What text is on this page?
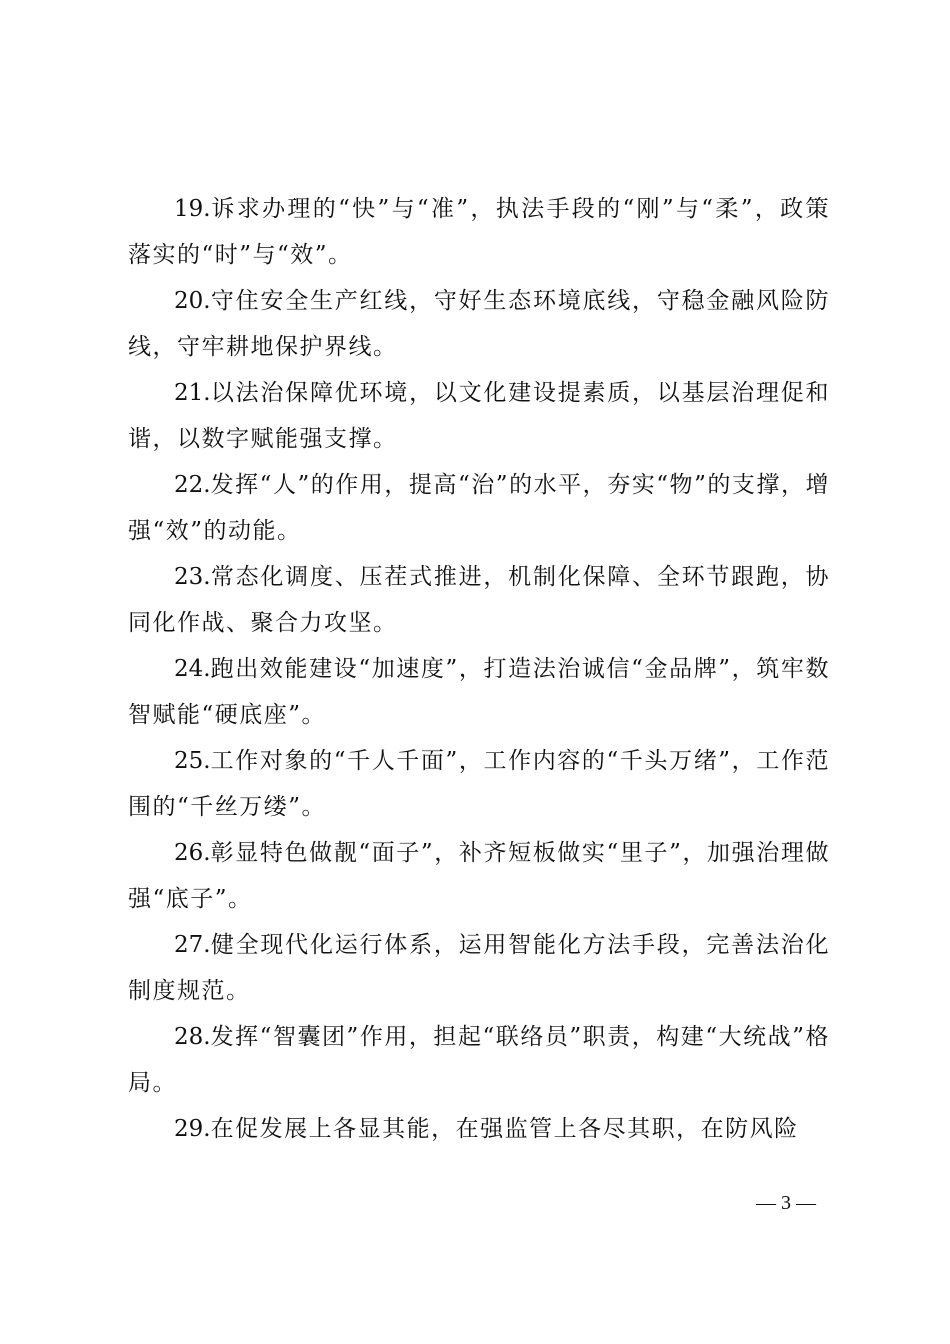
19.诉求办理的“快”与“准”，执法手段的“刚”与“柔”，政策落实的“时”与“效”。

20.守住安全生产红线，守好生态环境底线，守稳金融风险防线，守牢耕地保护界线。

21.以法治保障优环境，以文化建设提素质，以基层治理促和谐，以数字赋能强支撑。

22.发挥“人”的作用，提高“治”的水平，夯实“物”的支撑，增强“效”的动能。

23.常态化调度、压茬式推进，机制化保障、全环节跟跑，协同化作战、聚合力攻坚。

24.跑出效能建设“加速度”，打造法治诚信“金品牌”，筑牢数智赋能“硬底座”。

25.工作对象的“千人千面”，工作内容的“千头万绪”，工作范围的“千丝万缕”。

26.彰显特色做靓“面子”，补齐短板做实“里子”，加强治理做强“底子”。

27.健全现代化运行体系，运用智能化方法手段，完善法治化制度规范。

28.发挥“智囊团”作用，担起“联络员”职责，构建“大统战”格局。

29.在促发展上各显其能，在强监管上各尽其职，在防风险

— 3 —
